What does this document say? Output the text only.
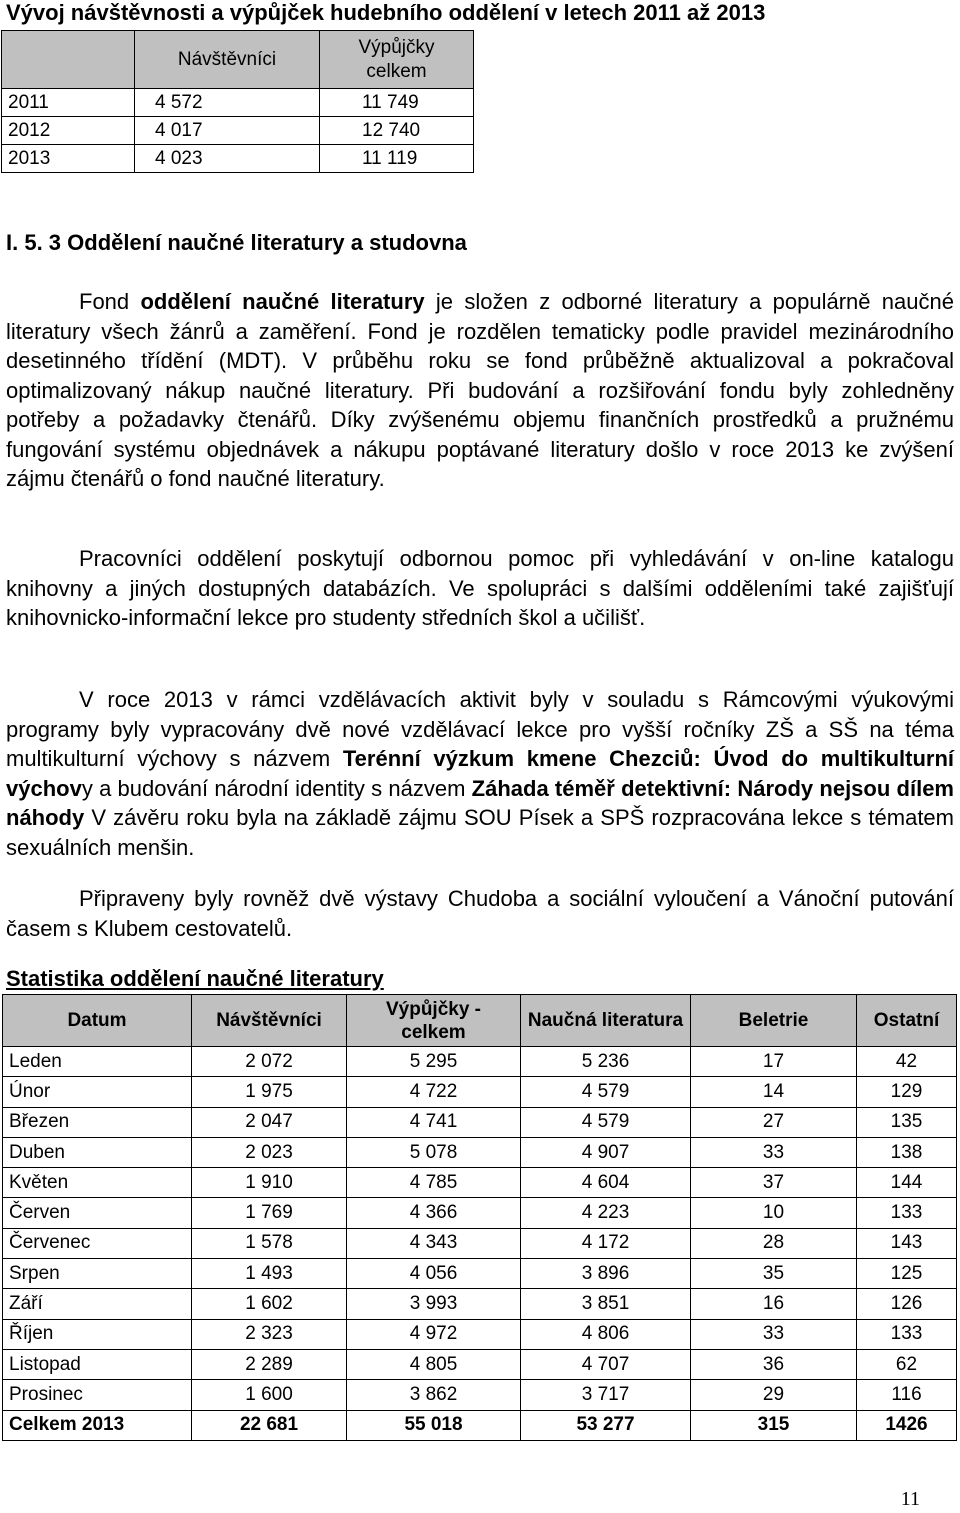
Vývoj návštěvnosti a výpůjček hudebního oddělení v letech 2011 až 2013
	Návštěvníci	Výpůjčky celkem
2011	4 572	11 749
2012	4 017	12 740
2013	4 023	11 119
I. 5. 3 Oddělení naučné literatury a studovna

Fond oddělení naučné literatury je složen z odborné literatury a populárně naučné literatury všech žánrů a zaměření. Fond je rozdělen tematicky podle pravidel mezinárodního desetinného třídění (MDT). V průběhu roku se fond průběžně aktualizoval a pokračoval optimalizovaný nákup naučné literatury. Při budování a rozšiřování fondu byly zohledněny potřeby a požadavky čtenářů. Díky zvýšenému objemu finančních prostředků a pružnému fungování systému objednávek a nákupu poptávané literatury došlo v roce 2013 ke zvýšení zájmu čtenářů o fond naučné literatury.

Pracovníci oddělení poskytují odbornou pomoc při vyhledávání v on-line katalogu knihovny a jiných dostupných databázích. Ve spolupráci s dalšími odděleními také zajišťují knihovnicko-informační lekce pro studenty středních škol a učilišť.

V roce 2013 v rámci vzdělávacích aktivit byly v souladu s Rámcovými výukovými programy byly vypracovány dvě nové vzdělávací lekce pro vyšší ročníky ZŠ a SŠ na téma multikulturní výchovy s názvem Terénní výzkum kmene Chezciů: Úvod do multikulturní výchovy a budování národní identity s názvem Záhada téměř detektivní: Národy nejsou dílem náhody V závěru roku byla na základě zájmu SOU Písek a SPŠ rozpracována lekce s tématem sexuálních menšin.

Připraveny byly rovněž dvě výstavy Chudoba a sociální vyloučení a Vánoční putování časem s Klubem cestovatelů.

Statistika oddělení naučné literatury
Datum	Návštěvníci	Výpůjčky - celkem	Naučná literatura	Beletrie	Ostatní
Leden	2 072	5 295	5 236	17	42
Únor	1 975	4 722	4 579	14	129
Březen	2 047	4 741	4 579	27	135
Duben	2 023	5 078	4 907	33	138
Květen	1 910	4 785	4 604	37	144
Červen	1 769	4 366	4 223	10	133
Červenec	1 578	4 343	4 172	28	143
Srpen	1 493	4 056	3 896	35	125
Září	1 602	3 993	3 851	16	126
Říjen	2 323	4 972	4 806	33	133
Listopad	2 289	4 805	4 707	36	62
Prosinec	1 600	3 862	3 717	29	116
Celkem 2013	22 681	55 018	53 277	315	1426
11
